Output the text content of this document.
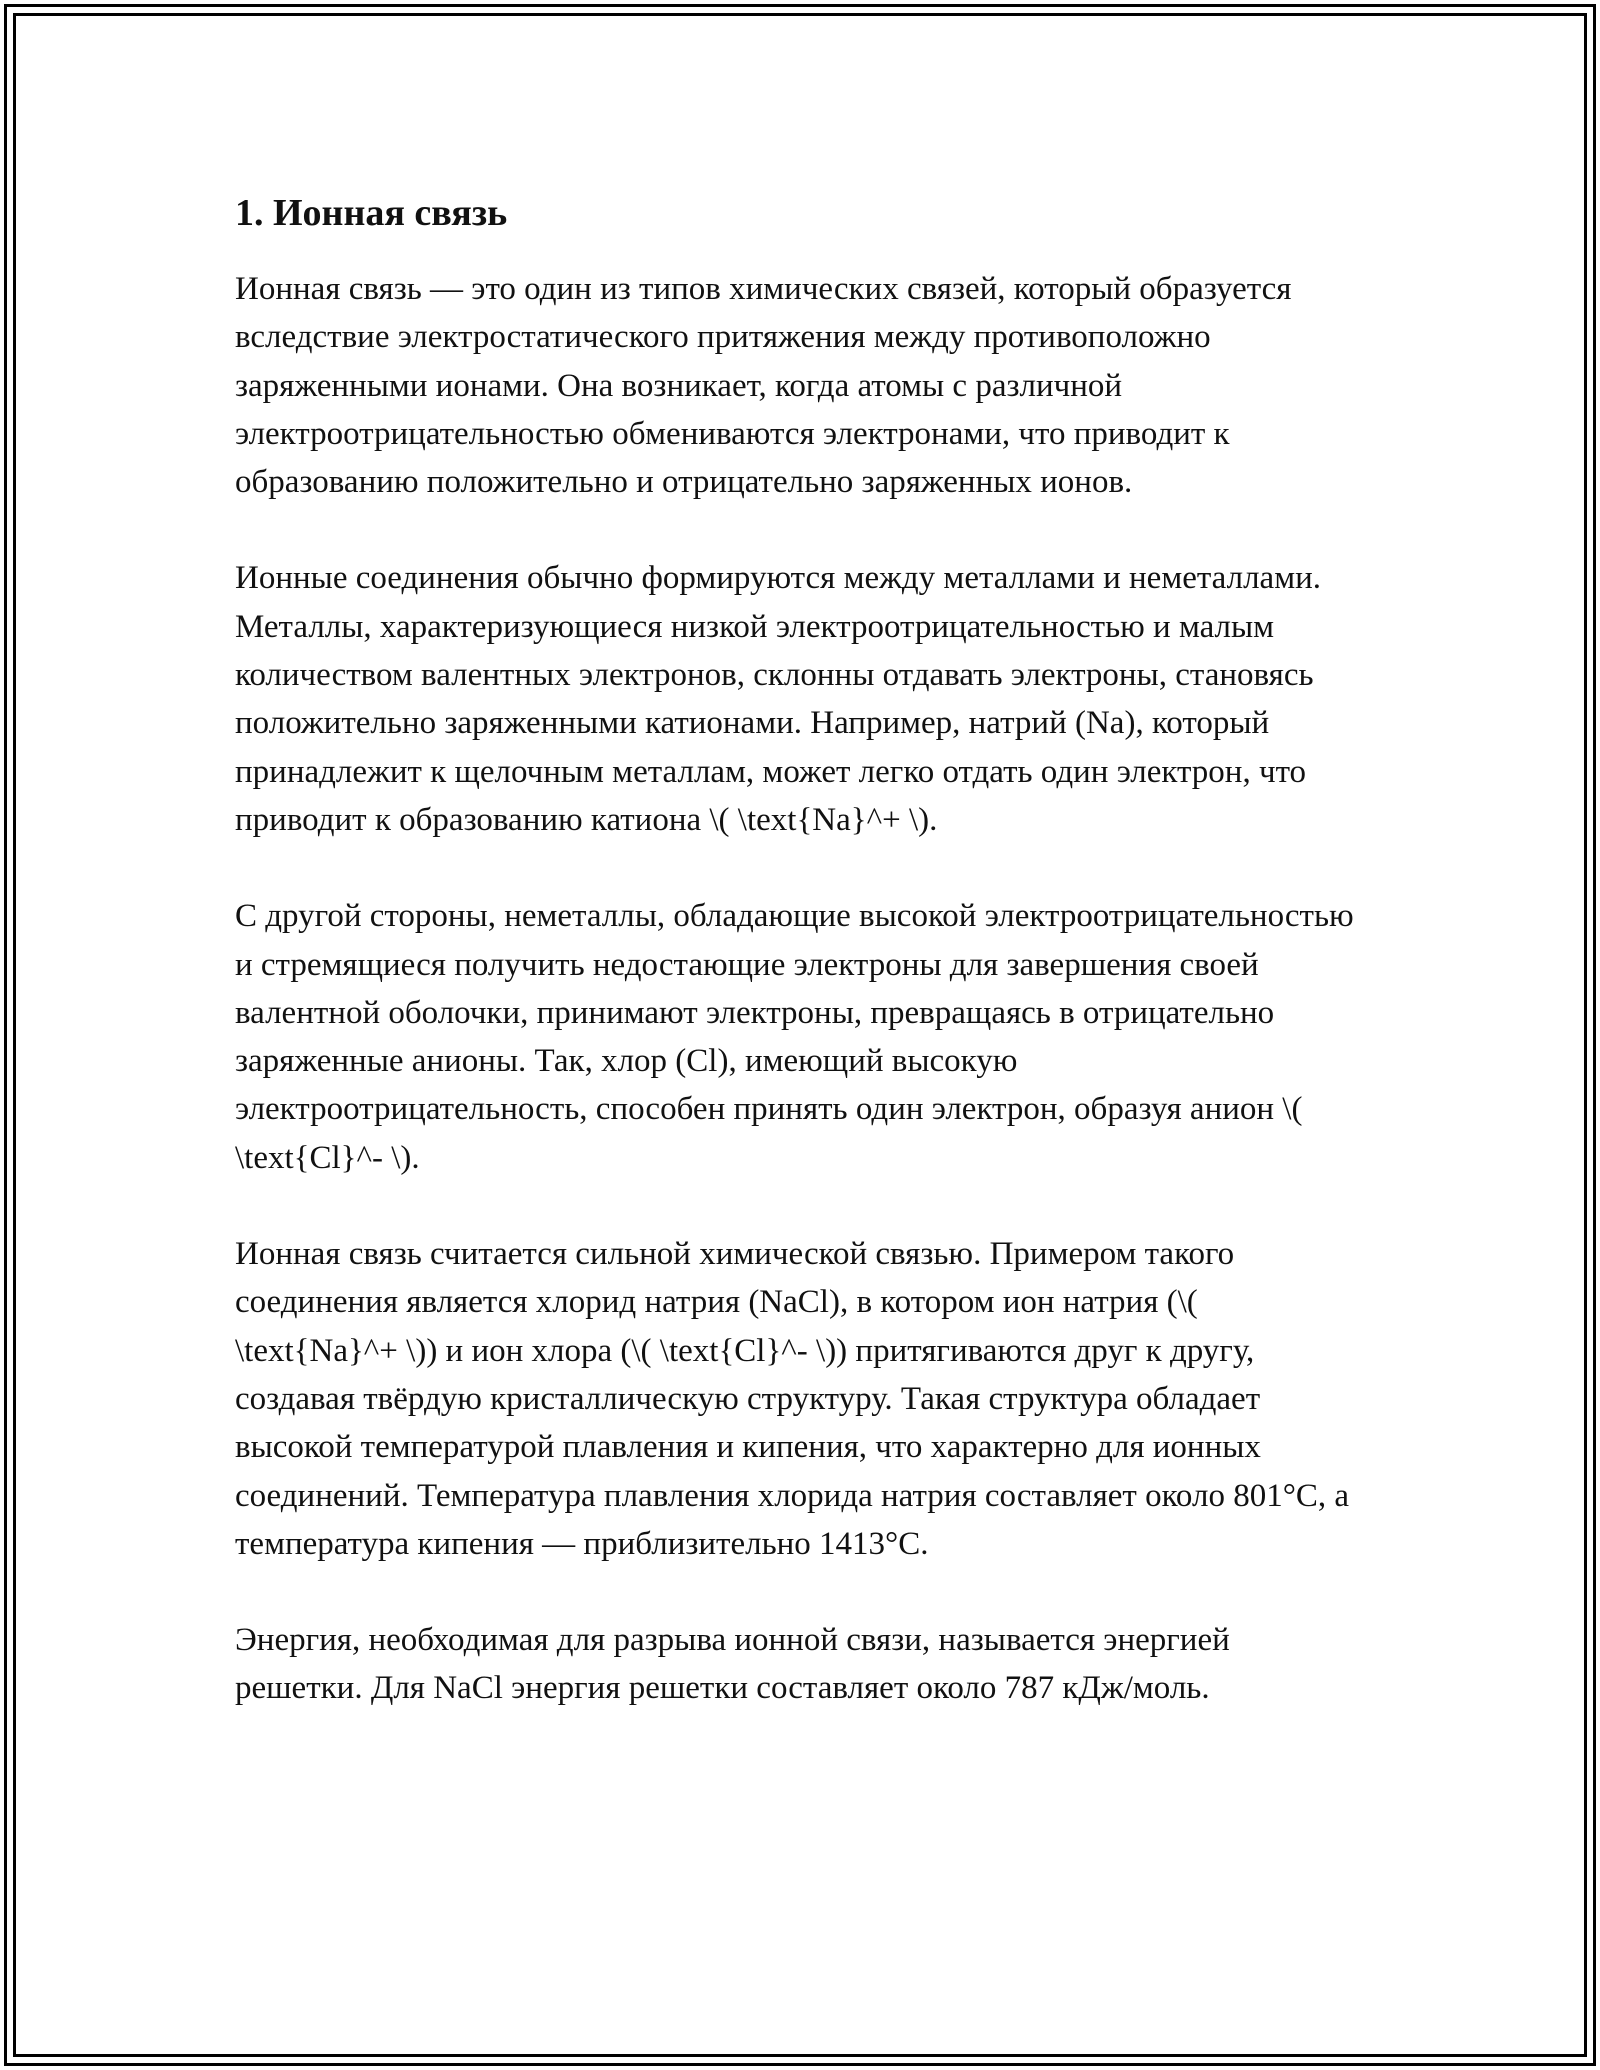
1. Ионная связь

Ионная связь — это один из типов химических связей, который образуется вследствие электростатического притяжения между противоположно заряженными ионами. Она возникает, когда атомы с различной электроотрицательностью обмениваются электронами, что приводит к образованию положительно и отрицательно заряженных ионов.

Ионные соединения обычно формируются между металлами и неметаллами. Металлы, характеризующиеся низкой электроотрицательностью и малым количеством валентных электронов, склонны отдавать электроны, становясь положительно заряженными катионами. Например, натрий (Na), который принадлежит к щелочным металлам, может легко отдать один электрон, что приводит к образованию катиона \( \text{Na}^+ \).

С другой стороны, неметаллы, обладающие высокой электроотрицательностью и стремящиеся получить недостающие электроны для завершения своей валентной оболочки, принимают электроны, превращаясь в отрицательно заряженные анионы. Так, хлор (Cl), имеющий высокую электроотрицательность, способен принять один электрон, образуя анион \( \text{Cl}^- \).

Ионная связь считается сильной химической связью. Примером такого соединения является хлорид натрия (NaCl), в котором ион натрия (\( \text{Na}^+ \)) и ион хлора (\( \text{Cl}^- \)) притягиваются друг к другу, создавая твёрдую кристаллическую структуру. Такая структура обладает высокой температурой плавления и кипения, что характерно для ионных соединений. Температура плавления хлорида натрия составляет около 801°C, а температура кипения — приблизительно 1413°C.

Энергия, необходимая для разрыва ионной связи, называется энергией решетки. Для NaCl энергия решетки составляет около 787 кДж/моль.
